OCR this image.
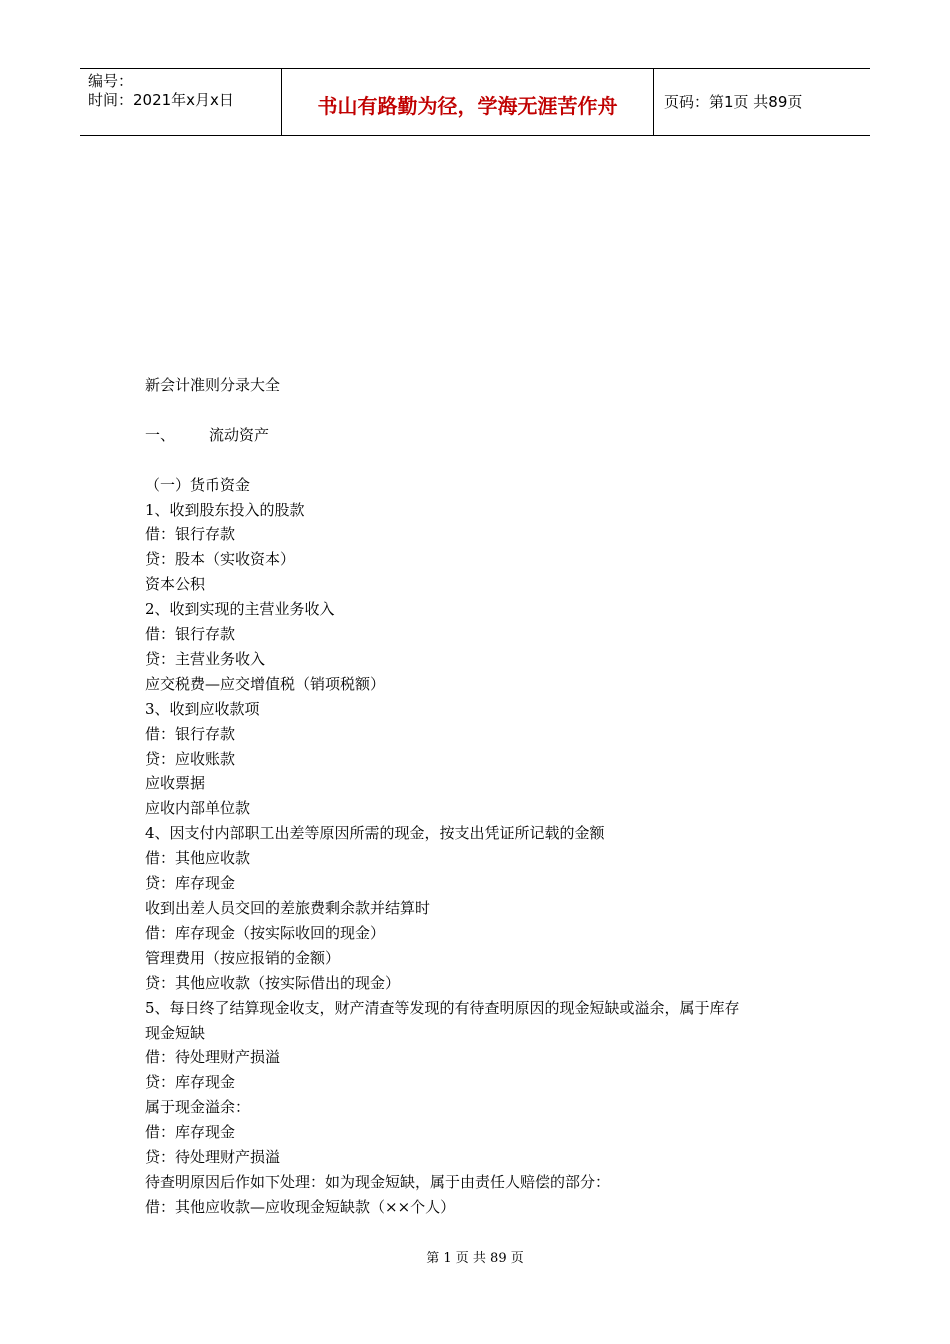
编号：
时间：2021年x月x日	书山有路勤为径，学海无涯苦作舟	页码：第1页 共89页
新会计准则分录大全
一、 流动资产
（一）货币资金
1、收到股东投入的股款
借：银行存款
贷：股本（实收资本）
资本公积
2、收到实现的主营业务收入
借：银行存款
贷：主营业务收入
应交税费—应交增值税（销项税额）
3、收到应收款项
借：银行存款
贷：应收账款
应收票据
应收内部单位款
4、因支付内部职工出差等原因所需的现金，按支出凭证所记载的金额
借：其他应收款
贷：库存现金
收到出差人员交回的差旅费剩余款并结算时
借：库存现金（按实际收回的现金）
管理费用（按应报销的金额）
贷：其他应收款（按实际借出的现金）
5、每日终了结算现金收支，财产清查等发现的有待查明原因的现金短缺或溢余，属于库存
现金短缺
借：待处理财产损溢
贷：库存现金
属于现金溢余：
借：库存现金
贷：待处理财产损溢
待查明原因后作如下处理：如为现金短缺，属于由责任人赔偿的部分：
借：其他应收款—应收现金短缺款（××个人）
第 1 页 共 89 页
